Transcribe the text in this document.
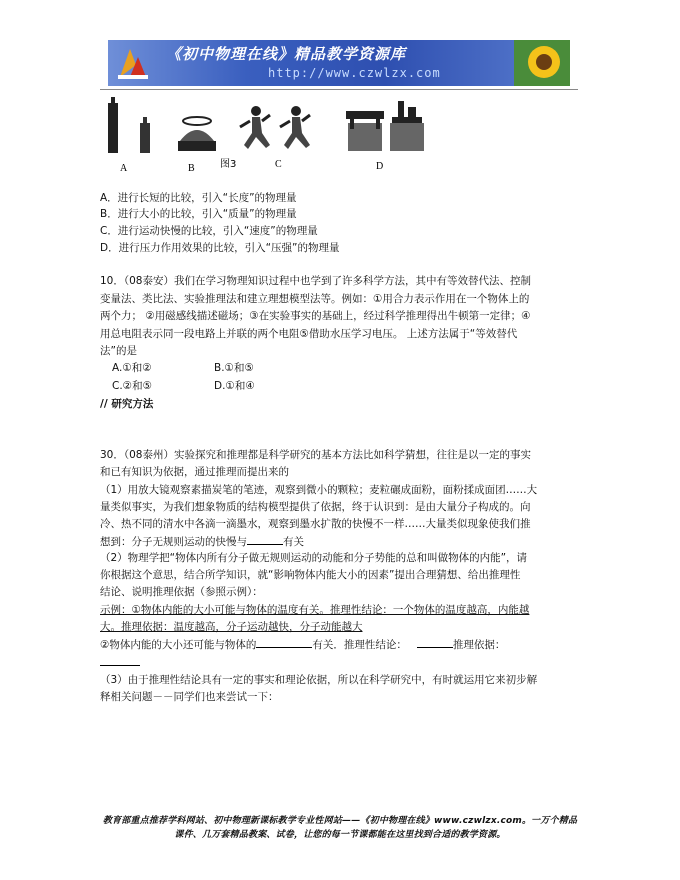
《初中物理在线》精品教学资源库
http://www.czwlzx.com
A	B	图3	C	D
A．进行长短的比较，引入“长度”的物理量
B．进行大小的比较，引入“质量”的物理量
C．进行运动快慢的比较，引入“速度”的物理量
D．进行压力作用效果的比较，引入“压强”的物理量
10．（08泰安）我们在学习物理知识过程中也学到了许多科学方法，其中有等效替代法、控制
变量法、类比法、实验推理法和建立理想模型法等。例如：①用合力表示作用在一个物体上的
两个力； ②用磁感线描述磁场；③在实验事实的基础上，经过科学推理得出牛顿第一定律；④
用总电阻表示同一段电路上并联的两个电阻⑤借助水压学习电压。 上述方法属于“等效替代
法”的是
A.①和②	B.①和⑤
C.②和⑤	D.①和④
// 研究方法
30．（08泰州）实验探究和推理都是科学研究的基本方法比如科学猜想，往往是以一定的事实
和已有知识为依据，通过推理而提出来的
（1）用放大镜观察素描炭笔的笔迹，观察到微小的颗粒；麦粒碾成面粉，面粉揉成面团……大
量类似事实，为我们想象物质的结构模型提供了依据，终于认识到：是由大量分子构成的。向
冷、热不同的清水中各滴一滴墨水，观察到墨水扩散的快慢不一样……大量类似现象使我们推
想到：分子无规则运动的快慢与	有关
（2）物理学把“物体内所有分子做无规则运动的动能和分子势能的总和叫做物体的内能”，请
你根据这个意思，结合所学知识，就“影响物体内能大小的因素”提出合理猜想、给出推理性
结论、说明推理依据（参照示例）：
示例：①物体内能的大小可能与物体的温度有关。推理性结论：一个物体的温度越高，内能越
大。推理依据：温度越高，分子运动越快，分子动能越大
②物体内能的大小还可能与物体的	有关．推理性结论：	推理依据：
（3）由于推理性结论具有一定的事实和理论依据，所以在科学研究中，有时就运用它来初步解
释相关问题－－同学们也来尝试一下：
教育部重点推荐学科网站、初中物理新课标教学专业性网站——《初中物理在线》www.czwlzx.com。一万个精品
课件、几万套精品教案、试卷，让您的每一节课都能在这里找到合适的教学资源。
